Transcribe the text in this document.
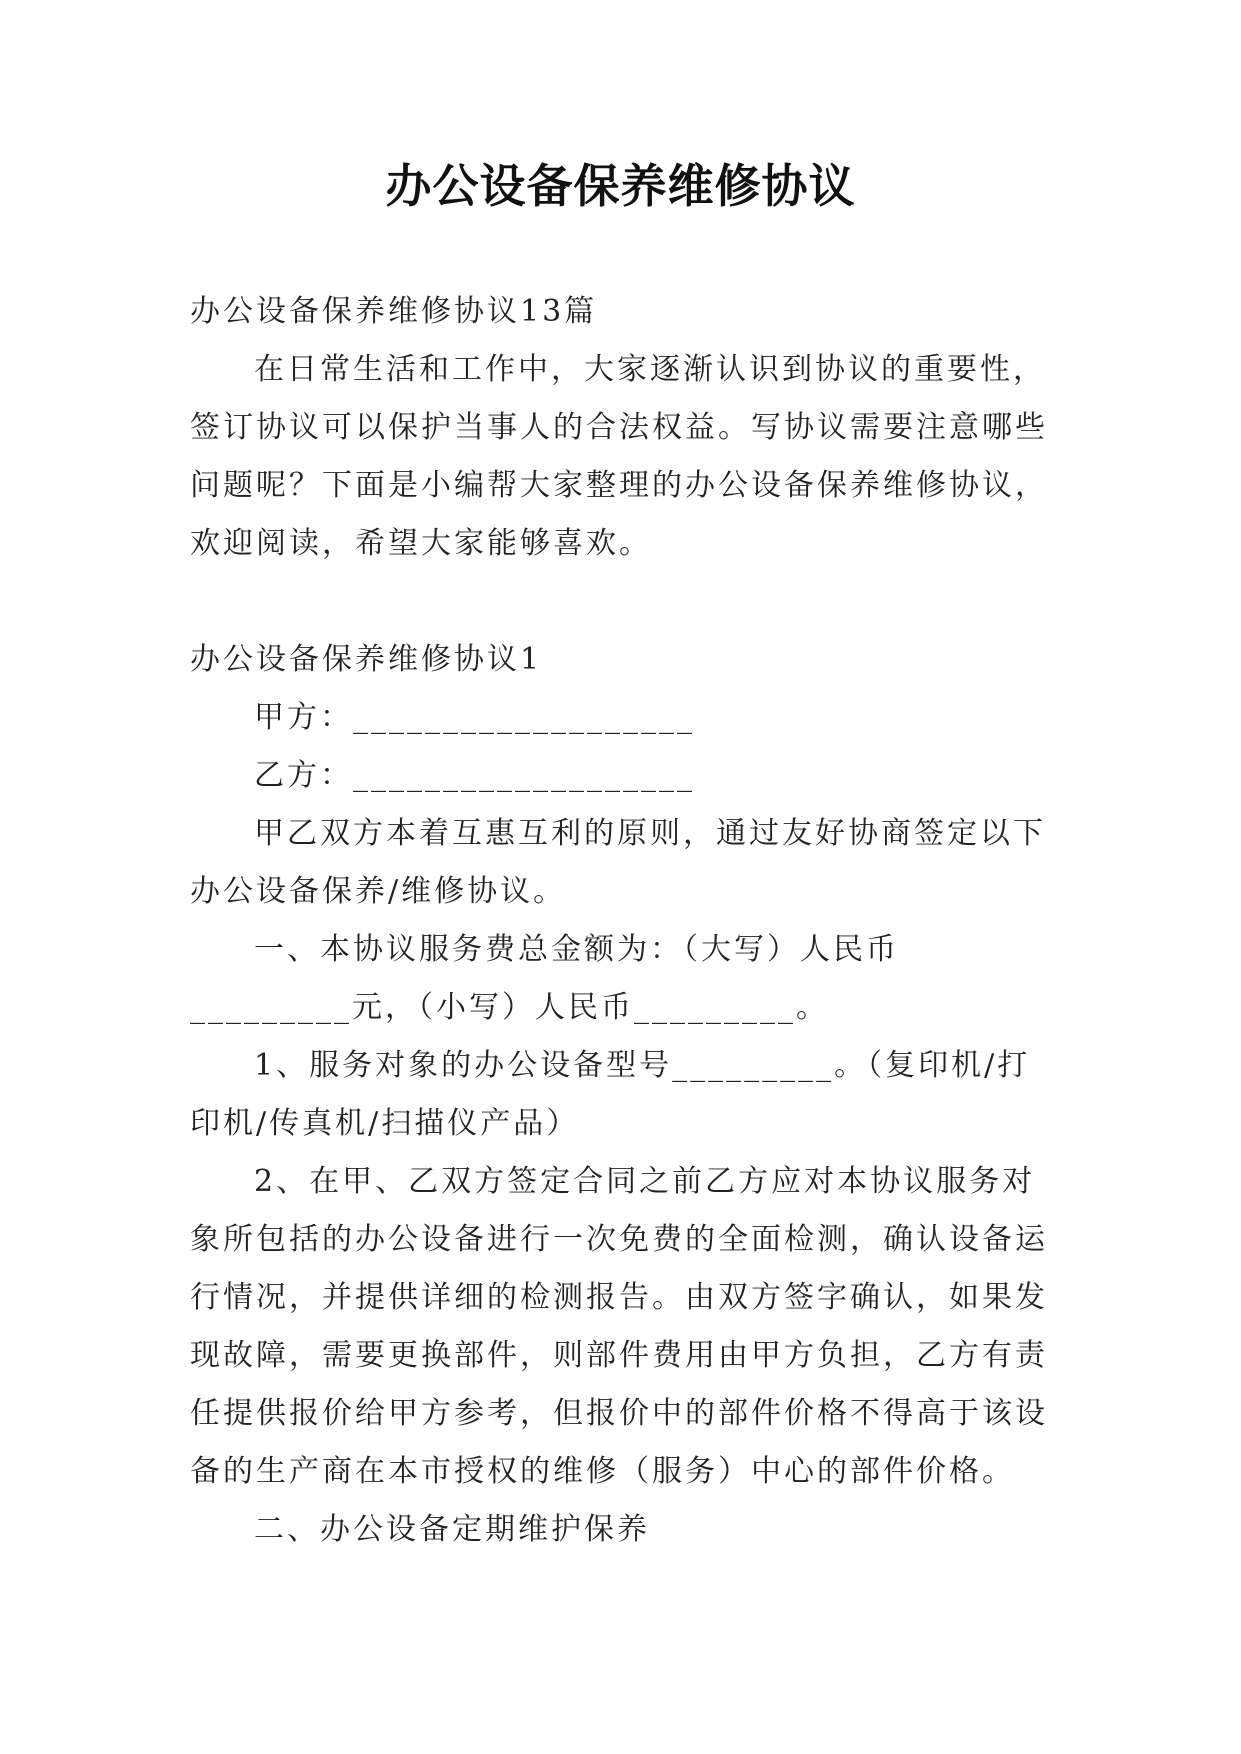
办公设备保养维修协议

办公设备保养维修协议13篇

在日常生活和工作中，大家逐渐认识到协议的重要性，签订协议可以保护当事人的合法权益。写协议需要注意哪些问题呢？下面是小编帮大家整理的办公设备保养维修协议，欢迎阅读，希望大家能够喜欢。

办公设备保养维修协议1

甲方：___________________

乙方：___________________

甲乙双方本着互惠互利的原则，通过友好协商签定以下办公设备保养/维修协议。

一、本协议服务费总金额为：（大写）人民币_________元，（小写）人民币_________。

1、服务对象的办公设备型号_________。（复印机/打印机/传真机/扫描仪产品）

2、在甲、乙双方签定合同之前乙方应对本协议服务对象所包括的办公设备进行一次免费的全面检测，确认设备运行情况，并提供详细的检测报告。由双方签字确认，如果发现故障，需要更换部件，则部件费用由甲方负担，乙方有责任提供报价给甲方参考，但报价中的部件价格不得高于该设备的生产商在本市授权的维修（服务）中心的部件价格。

二、办公设备定期维护保养
